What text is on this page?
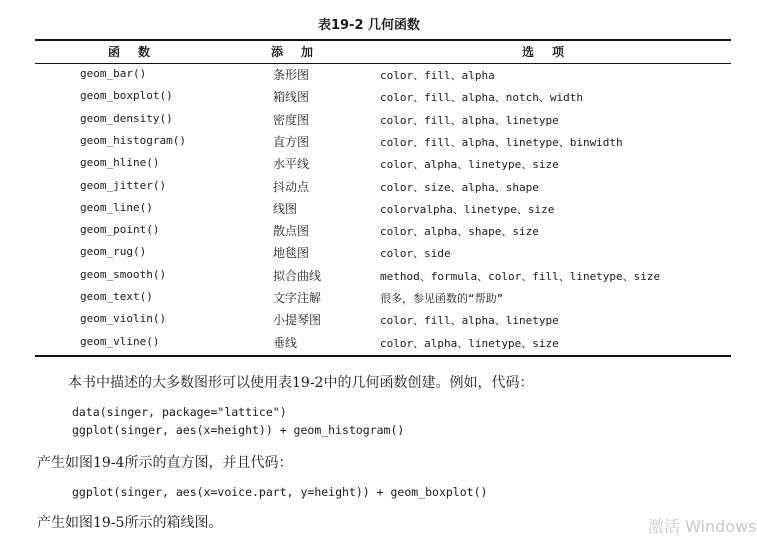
表19-2 几何函数
函数	添加	选项
geom_bar()	条形图	color、fill、alpha
geom_boxplot()	箱线图	color、fill、alpha、notch、width
geom_density()	密度图	color、fill、alpha、linetype
geom_histogram()	直方图	color、fill、alpha、linetype、binwidth
geom_hline()	水平线	color、alpha、linetype、size
geom_jitter()	抖动点	color、size、alpha、shape
geom_line()	线图	colorvalpha、linetype、size
geom_point()	散点图	color、alpha、shape、size
geom_rug()	地毯图	color、side
geom_smooth()	拟合曲线	method、formula、color、fill、linetype、size
geom_text()	文字注解	很多，参见函数的“帮助”
geom_violin()	小提琴图	color、fill、alpha、linetype
geom_vline()	垂线	color、alpha、linetype、size
本书中描述的大多数图形可以使用表19-2中的几何函数创建。例如，代码：
data(singer, package="lattice")
ggplot(singer, aes(x=height)) + geom_histogram()
产生如图19-4所示的直方图，并且代码：
ggplot(singer, aes(x=voice.part, y=height)) + geom_boxplot()
产生如图19-5所示的箱线图。	激活 Windows
